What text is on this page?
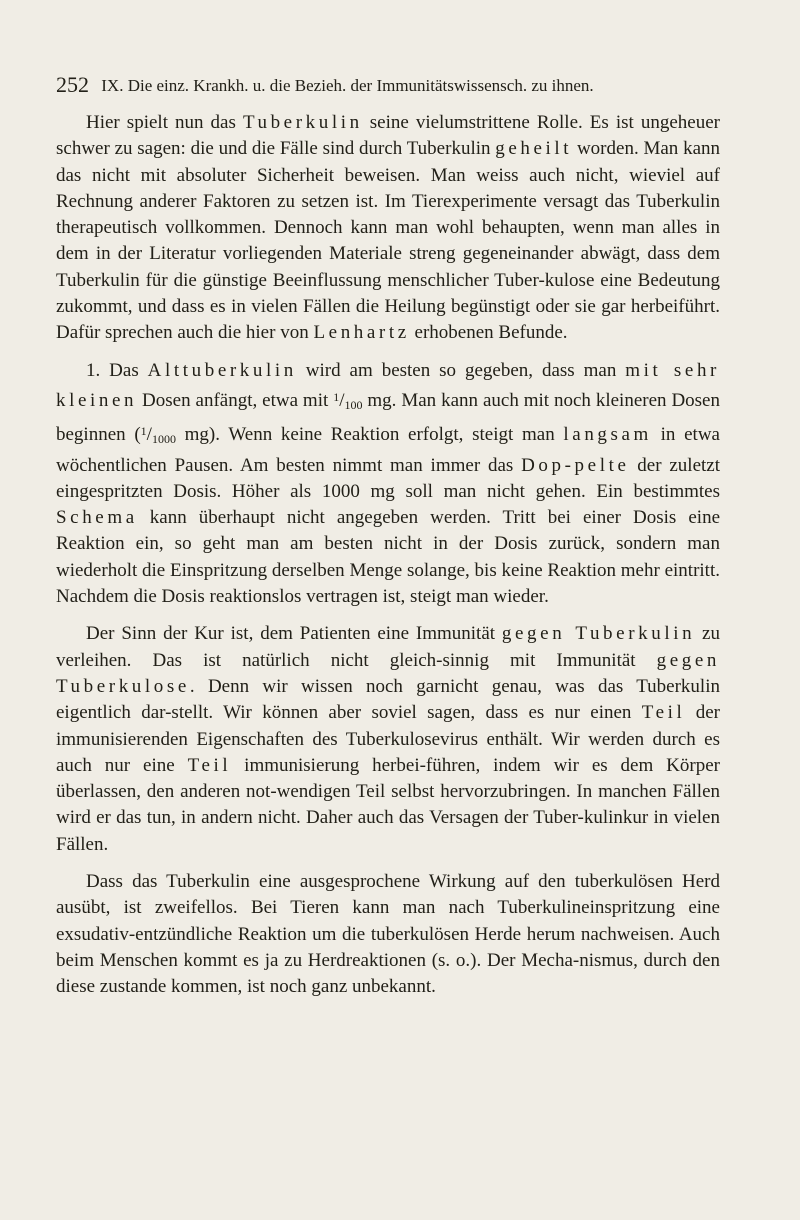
252 IX. Die einz. Krankh. u. die Bezieh. der Immunitätswissensch. zu ihnen.

Hier spielt nun das Tuberkulin seine vielumstrittene Rolle. Es ist ungeheuer schwer zu sagen: die und die Fälle sind durch Tuberkulin geheilt worden. Man kann das nicht mit absoluter Sicherheit beweisen. Man weiss auch nicht, wieviel auf Rechnung anderer Faktoren zu setzen ist. Im Tierexperimente versagt das Tuberkulin therapeutisch vollkommen. Dennoch kann man wohl behaupten, wenn man alles in dem in der Literatur vorliegenden Materiale streng gegeneinander abwägt, dass dem Tuberkulin für die günstige Beeinflussung menschlicher Tuber-kulose eine Bedeutung zukommt, und dass es in vielen Fällen die Heilung begünstigt oder sie gar herbeiführt. Dafür sprechen auch die hier von Lenhartz erhobenen Befunde.

1. Das Alttuberkulin wird am besten so gegeben, dass man mit sehr kleinen Dosen anfängt, etwa mit $^1/_{100}$ mg. Man kann auch mit noch kleineren Dosen beginnen ($^1/_{1000}$ mg). Wenn keine Reaktion erfolgt, steigt man langsam in etwa wöchentlichen Pausen. Am besten nimmt man immer das Dop-pelte der zuletzt eingespritzten Dosis. Höher als 1000 mg soll man nicht gehen. Ein bestimmtes Schema kann überhaupt nicht angegeben werden. Tritt bei einer Dosis eine Reaktion ein, so geht man am besten nicht in der Dosis zurück, sondern man wiederholt die Einspritzung derselben Menge solange, bis keine Reaktion mehr eintritt. Nachdem die Dosis reaktionslos vertragen ist, steigt man wieder.

Der Sinn der Kur ist, dem Patienten eine Immunität gegen Tuberkulin zu verleihen. Das ist natürlich nicht gleich-sinnig mit Immunität gegen Tuberkulose. Denn wir wissen noch garnicht genau, was das Tuberkulin eigentlich dar-stellt. Wir können aber soviel sagen, dass es nur einen Teil der immunisierenden Eigenschaften des Tuberkulosevirus enthält. Wir werden durch es auch nur eine Teil immunisierung herbei-führen, indem wir es dem Körper überlassen, den anderen not-wendigen Teil selbst hervorzubringen. In manchen Fällen wird er das tun, in andern nicht. Daher auch das Versagen der Tuber-kulinkur in vielen Fällen.

Dass das Tuberkulin eine ausgesprochene Wirkung auf den tuberkulösen Herd ausübt, ist zweifellos. Bei Tieren kann man nach Tuberkulineinspritzung eine exsudativ-entzündliche Reaktion um die tuberkulösen Herde herum nachweisen. Auch beim Menschen kommt es ja zu Herdreaktionen (s. o.). Der Mecha-nismus, durch den diese zustande kommen, ist noch ganz unbekannt.
